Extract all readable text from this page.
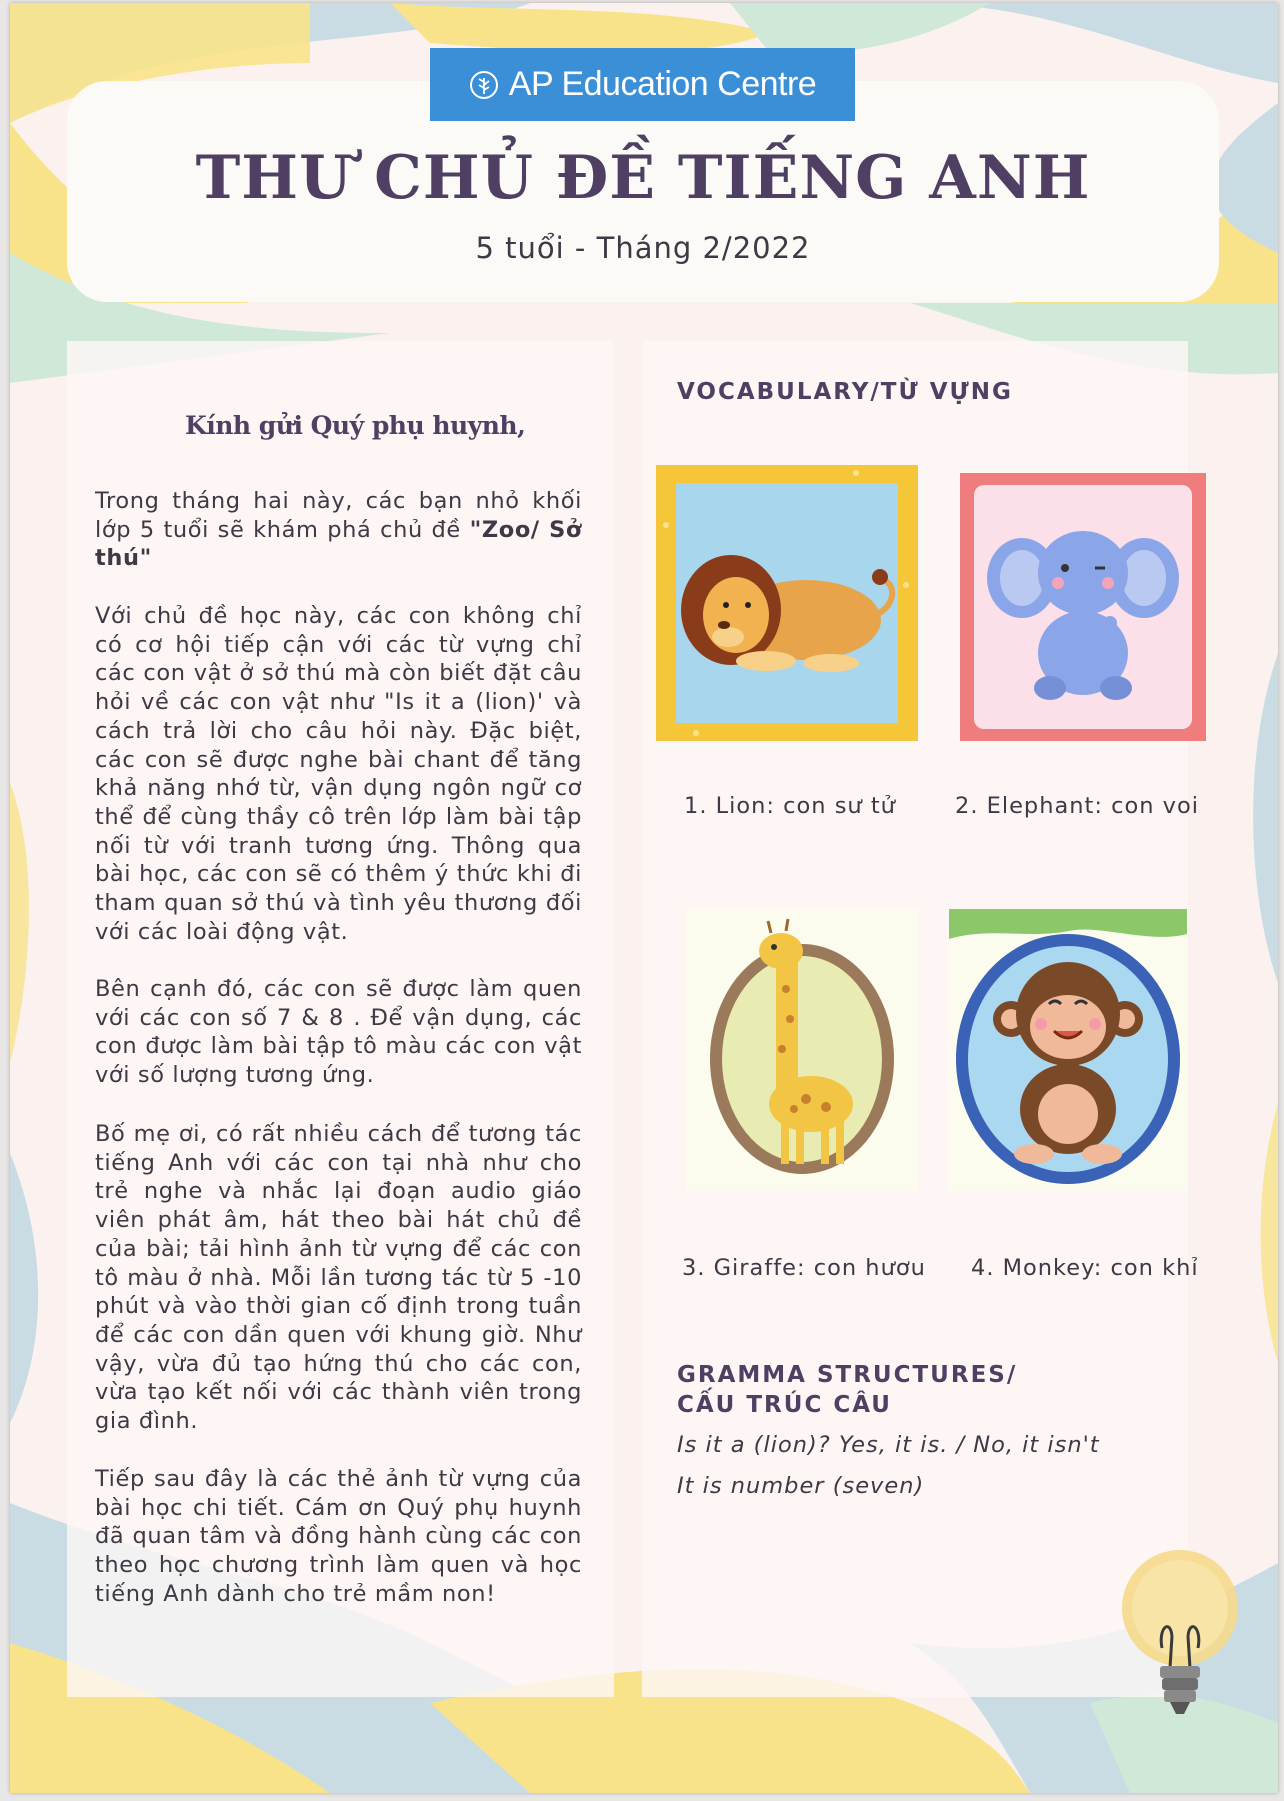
AP Education Centre
THƯ CHỦ ĐỀ TIẾNG ANH
5 tuổi - Tháng 2/2022
Kính gửi Quý phụ huynh,

Trong tháng hai này, các bạn nhỏ khối lớp 5 tuổi sẽ khám phá chủ đề "Zoo/ Sở thú"

Với chủ đề học này, các con không chỉ có cơ hội tiếp cận với các từ vựng chỉ các con vật ở sở thú mà còn biết đặt câu hỏi về các con vật như "Is it a (lion)' và cách trả lời cho câu hỏi này. Đặc biệt, các con sẽ được nghe bài chant để tăng khả năng nhớ từ, vận dụng ngôn ngữ cơ thể để cùng thầy cô trên lớp làm bài tập nối từ với tranh tương ứng. Thông qua bài học, các con sẽ có thêm ý thức khi đi tham quan sở thú và tình yêu thương đối với các loài động vật.

Bên cạnh đó, các con sẽ được làm quen với các con số 7 & 8 . Để vận dụng, các con được làm bài tập tô màu các con vật với số lượng tương ứng.

Bố mẹ ơi, có rất nhiều cách để tương tác tiếng Anh với các con tại nhà như cho trẻ nghe và nhắc lại đoạn audio giáo viên phát âm, hát theo bài hát chủ đề của bài; tải hình ảnh từ vựng để các con tô màu ở nhà. Mỗi lần tương tác từ 5 -10 phút và vào thời gian cố định trong tuần để các con dần quen với khung giờ. Như vậy, vừa đủ tạo hứng thú cho các con, vừa tạo kết nối với các thành viên trong gia đình.

Tiếp sau đây là các thẻ ảnh từ vựng của bài học chi tiết. Cám ơn Quý phụ huynh đã quan tâm và đồng hành cùng các con theo học chương trình làm quen và học tiếng Anh dành cho trẻ mầm non!

VOCABULARY/TỪ VỰNG
1. Lion: con sư tử	2. Elephant: con voi
3. Giraffe: con hươu 4. Monkey: con khỉ
GRAMMA STRUCTURES/
CẤU TRÚC CÂU
Is it a (lion)? Yes, it is. / No, it isn't
It is number (seven)
